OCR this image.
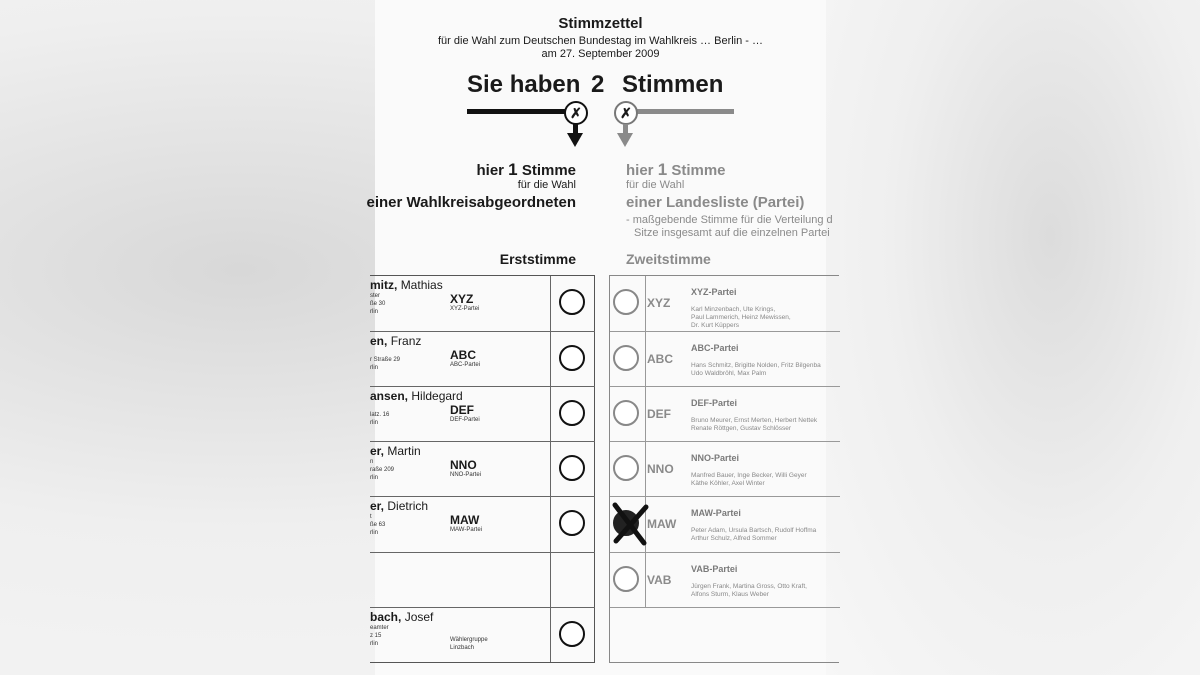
Stimmzettel
für die Wahl zum Deutschen Bundestag im Wahlkreis … Berlin - …
am 27. September 2009
Sie haben 2 Stimmen
✗	✗
hier 1 Stimme
für die Wahl
einer Wahlkreisabgeordneten
hier 1 Stimme
für die Wahl
einer Landesliste (Partei)
- maßgebende Stimme für die Verteilung d
Sitze insgesamt auf die einzelnen Partei
Erststimme	Zweitstimme
mitz, Mathias
ster
ße 30
rlin
XYZ
XYZ-Partei
en, Franz
r Straße 29
rlin
ABC
ABC-Partei
ansen, Hildegard
latz. 16
rlin
DEF
DEF-Partei
er, Martin
n
raße 209
rlin
NNO
NNO-Partei
er, Dietrich
t
ße 63
rlin
MAW
MAW-Partei
bach, Josef
eamter
z 15
rlin
Wählergruppe
Linzbach
XYZ
XYZ-Partei
Karl Minzenbach, Ute Krings,
Paul Lammerich, Heinz Mewissen,
Dr. Kurt Küppers
ABC
ABC-Partei
Hans Schmitz, Brigitte Nolden, Fritz Bilgenba
Udo Waldbröhl, Max Palm
DEF
DEF-Partei
Bruno Meurer, Ernst Merten, Herbert Nettek
Renate Röttgen, Gustav Schlösser
NNO
NNO-Partei
Manfred Bauer, Inge Becker, Willi Geyer
Käthe Köhler, Axel Winter
MAW
MAW-Partei
Peter Adam, Ursula Bartsch, Rudolf Hoffma
Arthur Schulz, Alfred Sommer
VAB
VAB-Partei
Jürgen Frank, Martina Gross, Otto Kraft,
Alfons Sturm, Klaus Weber
